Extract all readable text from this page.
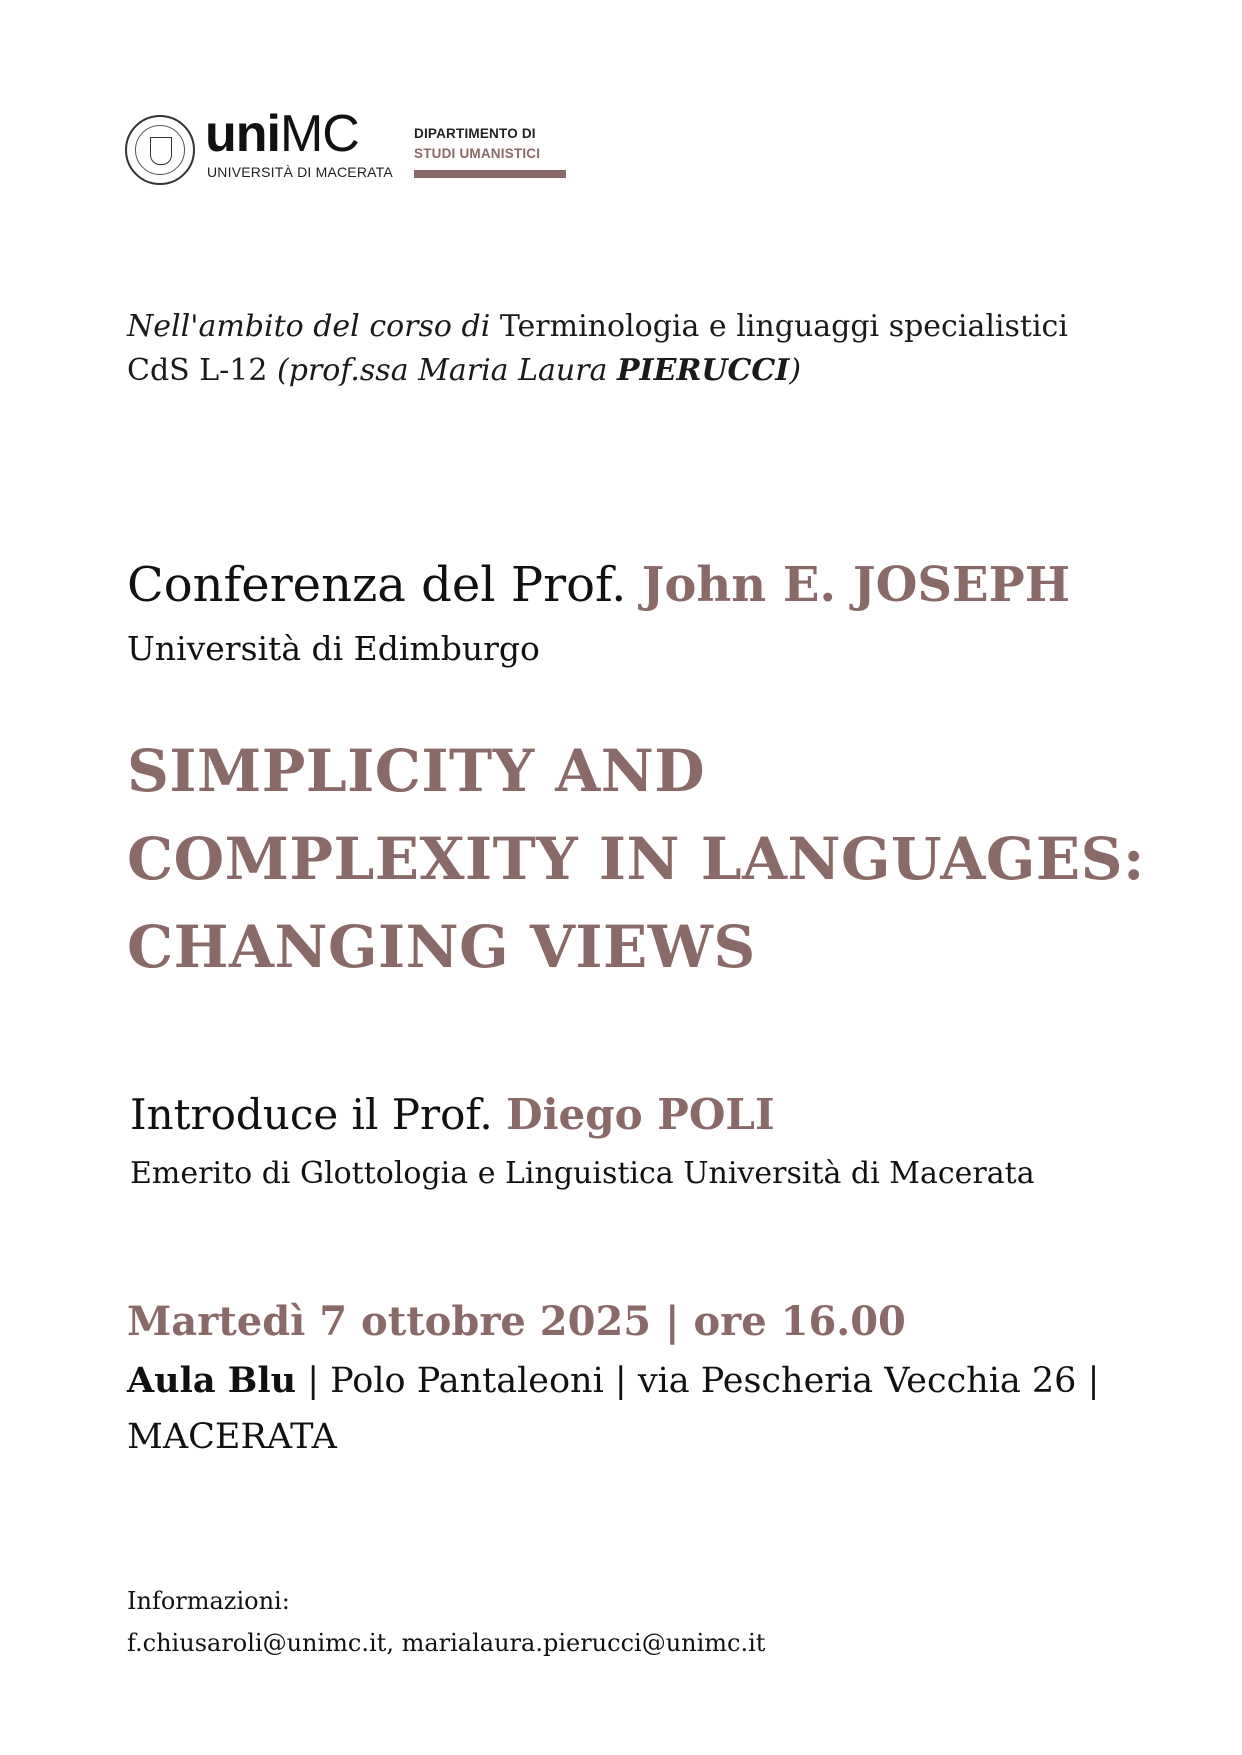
uniMC
UNIVERSITÀ DI MACERATA
DIPARTIMENTO DI
STUDI UMANISTICI
Nell'ambito del corso di Terminologia e linguaggi specialistici
CdS L-12 (prof.ssa Maria Laura PIERUCCI)
Conferenza del Prof. John E. JOSEPH
Università di Edimburgo
SIMPLICITY AND
COMPLEXITY IN LANGUAGES:
CHANGING VIEWS
Introduce il Prof. Diego POLI
Emerito di Glottologia e Linguistica Università di Macerata
Martedì 7 ottobre 2025 | ore 16.00
Aula Blu | Polo Pantaleoni | via Pescheria Vecchia 26 |
MACERATA
Informazioni:
f.chiusaroli@unimc.it, marialaura.pierucci@unimc.it
